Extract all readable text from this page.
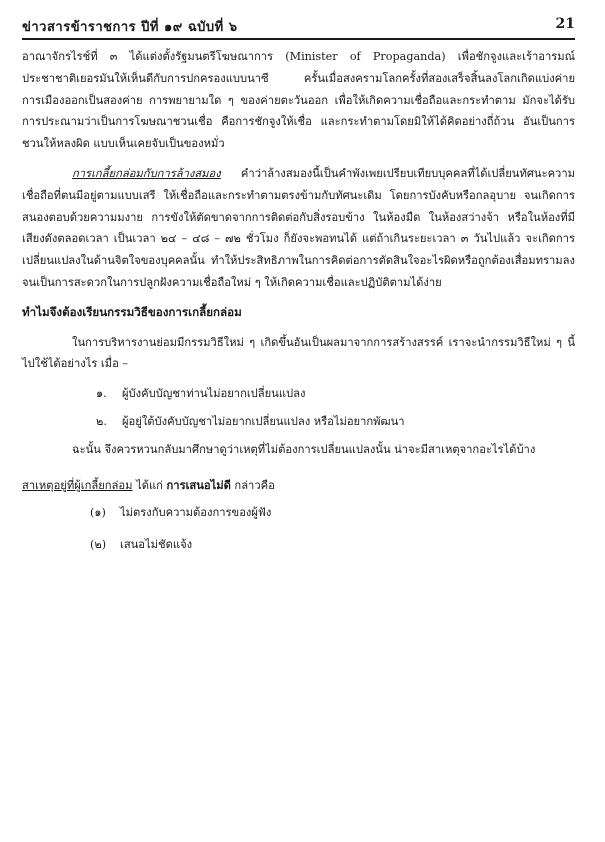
ข่าวสารข้าราชการ ปีที่ ๑๙ ฉบับที่ ๖	21

อาณาจักรไรช์ที่ ๓ ได้แต่งตั้งรัฐมนตรีโฆษณาการ (Minister of Propaganda) เพื่อชักจูงและเร้าอารมณ์ประชาชาติเยอรมันให้เห็นดีกับการปกครองแบบนาซี ครั้นเมื่อสงครามโลกครั้งที่สองเสร็จสิ้นลงโลกเกิดแบ่งค่ายการเมืองออกเป็นสองค่าย การพยายามใด ๆ ของค่ายตะวันออก เพื่อให้เกิดความเชื่อถือและกระทำตาม มักจะได้รับการประณามว่าเป็นการโฆษณาชวนเชื่อ คือการชักจูงให้เชื่อ และกระทำตามโดยมิให้ได้คิดอย่างถี่ถ้วน อันเป็นการชวนให้หลงผิด แบบเห็นเคยจับเป็นของหมั่ว

การเกลี้ยกล่อมกับการล้างสมอง คำว่าล้างสมองนี้เป็นคำพังเพยเปรียบเทียบบุคคลที่ได้เปลี่ยนทัศนะความเชื่อถือที่ตนมีอยู่ตามแบบเสรี ให้เชื่อถือและกระทำตามตรงข้ามกับทัศนะเดิม โดยการบังคับหรือกลอุบาย จนเกิดการสนองตอบด้วยความมงาย การขังให้ตัดขาดจากการติดต่อกับสิ่งรอบข้าง ในห้องมืด ในห้องสว่างจ้า หรือในห้องที่มีเสียงดังตลอดเวลา เป็นเวลา ๒๔ – ๔๘ – ๗๒ ชั่วโมง ก็ยังจะพอทนได้ แต่ถ้าเกินระยะเวลา ๓ วันไปแล้ว จะเกิดการเปลี่ยนแปลงในด้านจิตใจของบุคคลนั้น ทำให้ประสิทธิภาพในการคิดต่อการตัดสินใจอะไรผิดหรือถูกต้องเสื่อมทรามลง จนเป็นการสะดวกในการปลูกฝังความเชื่อถือใหม่ ๆ ให้เกิดความเชื่อและปฏิบัติตามได้ง่าย

ทำไมจึงต้องเรียนกรรมวิธีของการเกลี้ยกล่อม

ในการบริหารงานย่อมมีกรรมวิธีใหม่ ๆ เกิดขึ้นอันเป็นผลมาจากการสร้างสรรค์ เราจะนำกรรมวิธีใหม่ ๆ นี้ไปใช้ได้อย่างไร เมื่อ –

๑. ผู้บังคับบัญชาท่านไม่อยากเปลี่ยนแปลง
๒. ผู้อยู่ใต้บังคับบัญชาไม่อยากเปลี่ยนแปลง หรือไม่อยากพัฒนา

ฉะนั้น จึงควรหวนกลับมาศึกษาดูว่าเหตุที่ไม่ต้องการเปลี่ยนแปลงนั้น น่าจะมีสาเหตุจากอะไรได้บ้าง

สาเหตุอยู่ที่ผู้เกลี้ยกล่อม ได้แก่ การเสนอไม่ดี กล่าวคือ
(๑) ไม่ตรงกับความต้องการของผู้ฟัง
(๒) เสนอไม่ชัดแจ้ง
